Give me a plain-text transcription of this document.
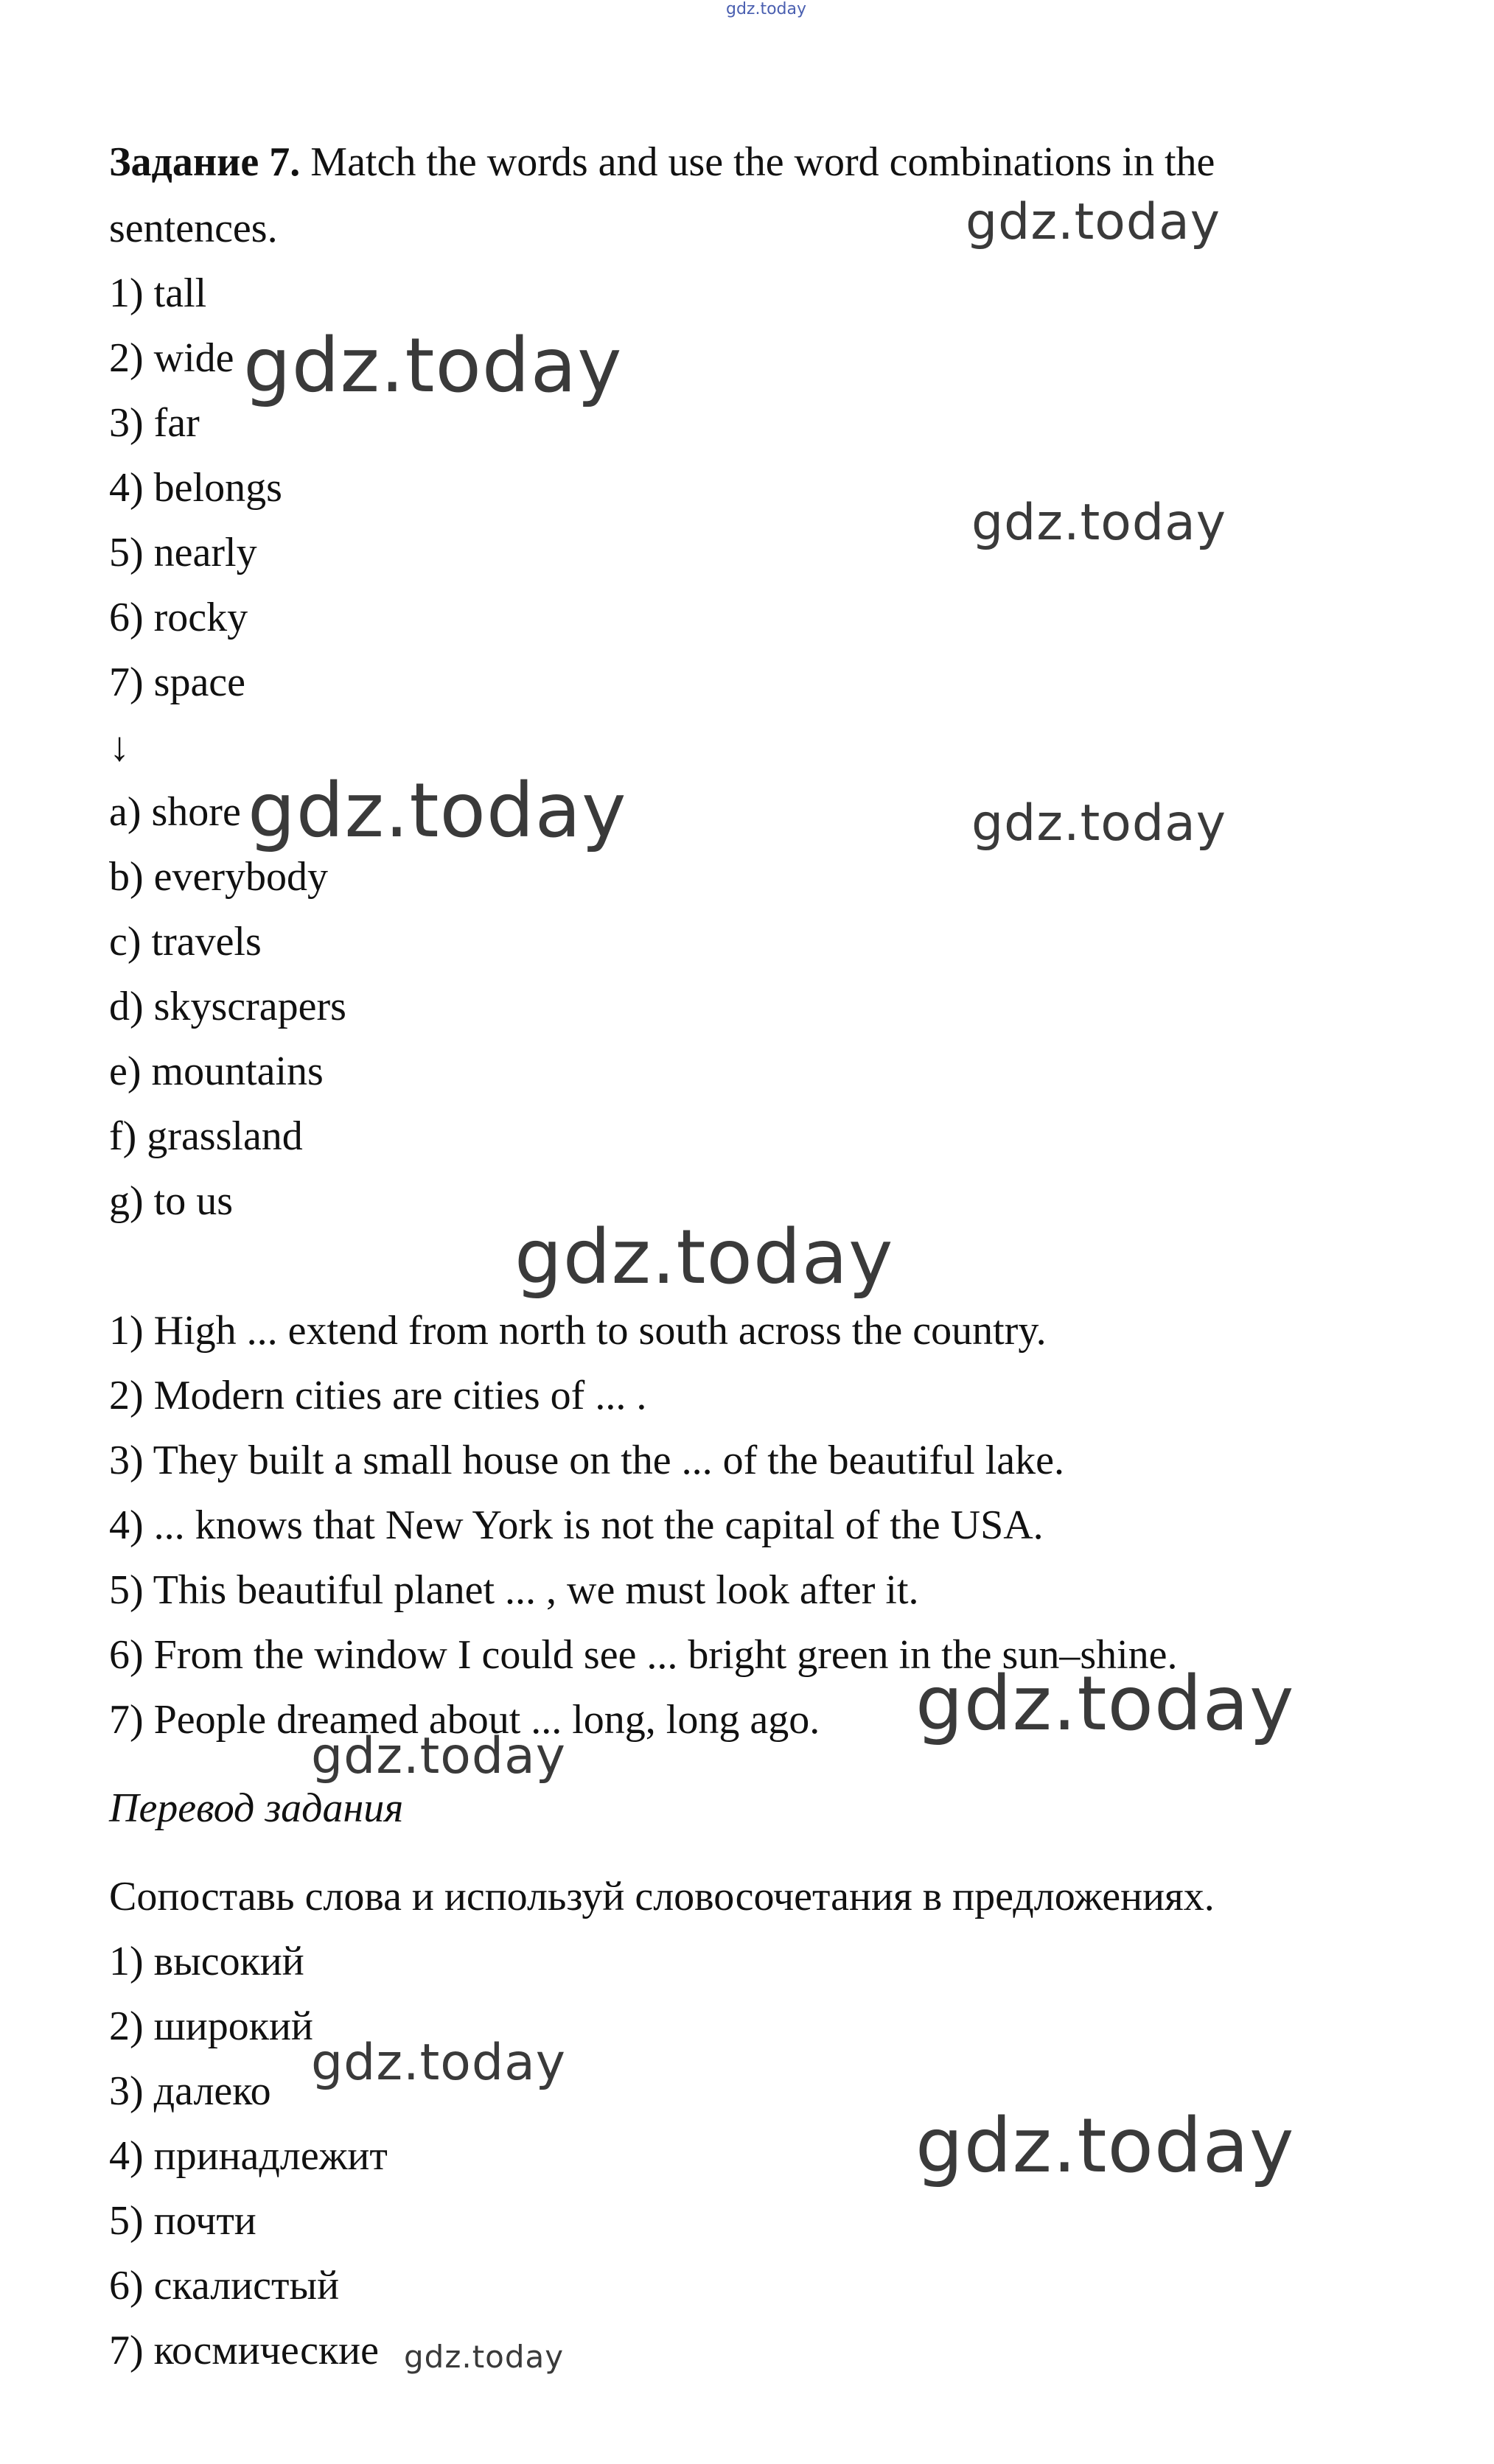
gdz.today
Задание 7. Match the words and use the word combinations in the
sentences.
1) tall
2) wide
3) far
4) belongs
5) nearly
6) rocky
7) space
↓
a) shore
b) everybody
c) travels
d) skyscrapers
e) mountains
f) grassland
g) to us
1) High ... extend from north to south across the country.
2) Modern cities are cities of ... .
3) They built a small house on the ... of the beautiful lake.
4) ... knows that New York is not the capital of the USA.
5) This beautiful planet ... , we must look after it.
6) From the window I could see ... bright green in the sun–shine.
7) People dreamed about ... long, long ago.
Перевод задания
Сопоставь слова и используй словосочетания в предложениях.
1) высокий
2) широкий
3) далеко
4) принадлежит
5) почти
6) скалистый
7) космические
gdz.today
gdz.today
gdz.today
gdz.today	gdz.today
gdz.today
gdz.today
gdz.today
gdz.today
gdz.today
gdz.today
